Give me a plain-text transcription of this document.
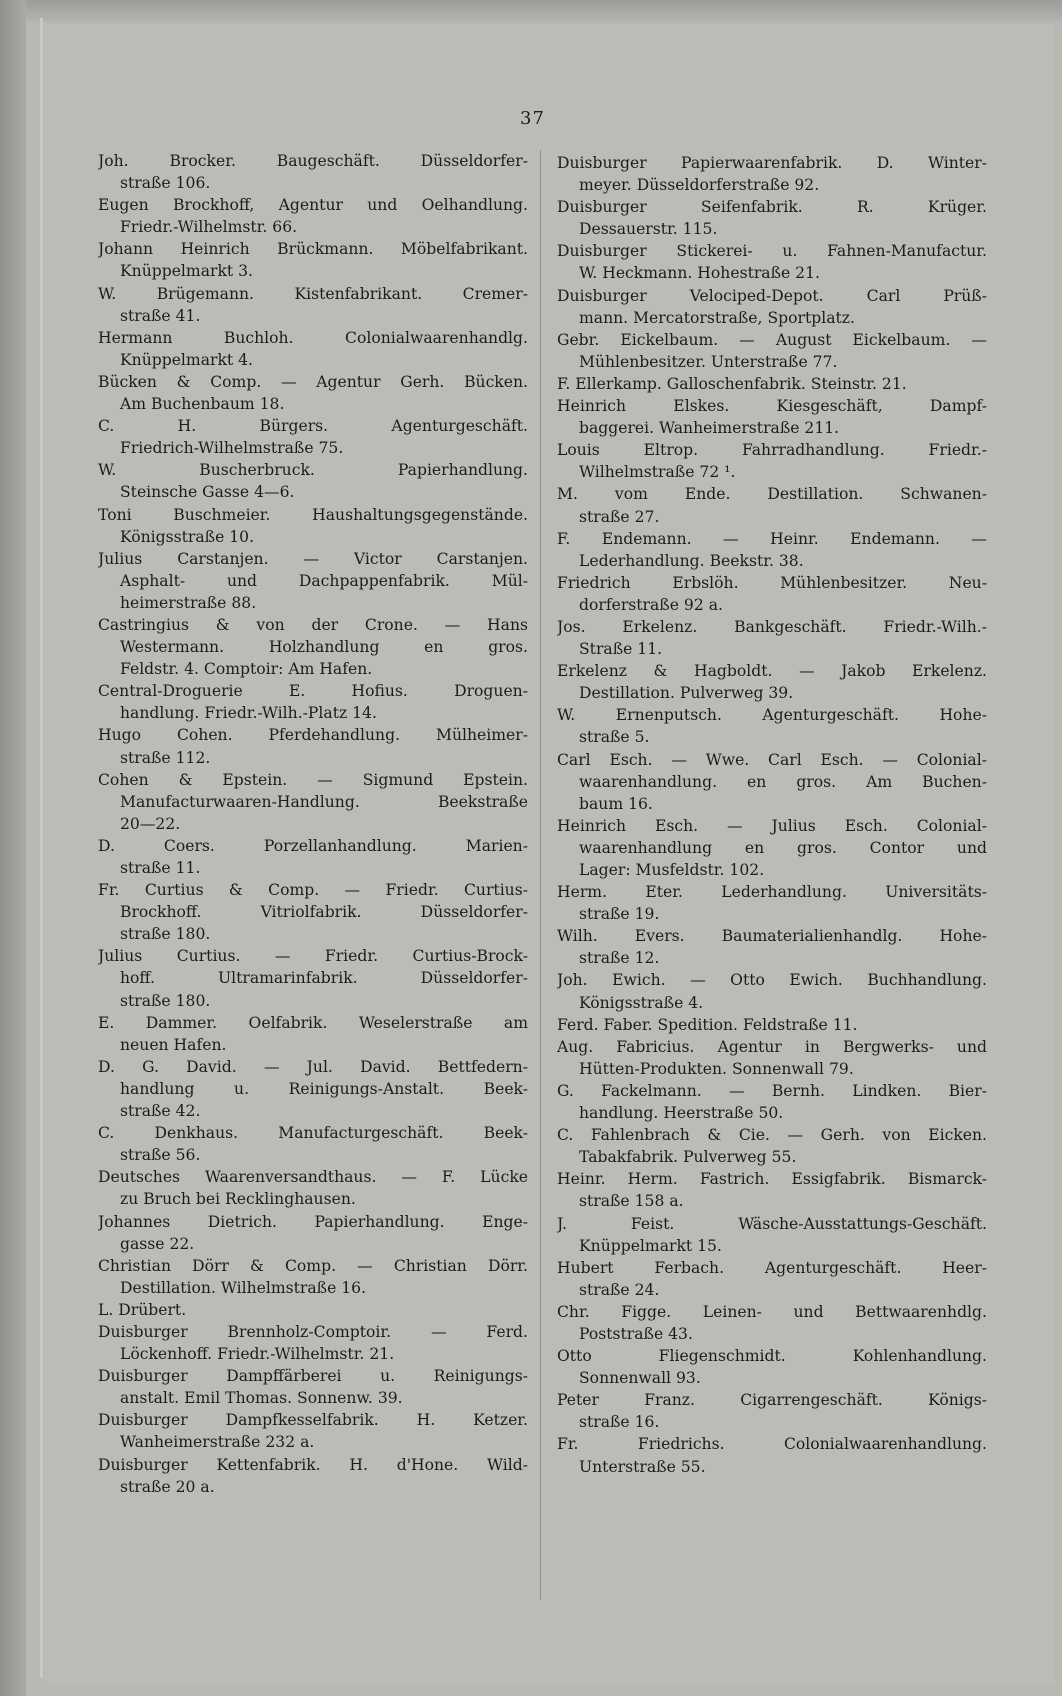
37
Joh. Brocker. Baugeschäft. Düsseldorfer-
straße 106.
Eugen Brockhoff, Agentur und Oelhandlung.
Friedr.-Wilhelmstr. 66.
Johann Heinrich Brückmann. Möbelfabrikant.
Knüppelmarkt 3.
W. Brügemann. Kistenfabrikant. Cremer-
straße 41.
Hermann Buchloh. Colonialwaarenhandlg.
Knüppelmarkt 4.
Bücken & Comp. — Agentur Gerh. Bücken.
Am Buchenbaum 18.
C. H. Bürgers. Agenturgeschäft.
Friedrich-Wilhelmstraße 75.
W. Buscherbruck. Papierhandlung.
Steinsche Gasse 4—6.
Toni Buschmeier. Haushaltungsgegenstände.
Königsstraße 10.
Julius Carstanjen. — Victor Carstanjen.
Asphalt- und Dachpappenfabrik. Mül-
heimerstraße 88.
Castringius & von der Crone. — Hans
Westermann. Holzhandlung en gros.
Feldstr. 4. Comptoir: Am Hafen.
Central-Droguerie E. Hofius. Droguen-
handlung. Friedr.-Wilh.-Platz 14.
Hugo Cohen. Pferdehandlung. Mülheimer-
straße 112.
Cohen & Epstein. — Sigmund Epstein.
Manufacturwaaren-Handlung. Beekstraße
20—22.
D. Coers. Porzellanhandlung. Marien-
straße 11.
Fr. Curtius & Comp. — Friedr. Curtius-
Brockhoff. Vitriolfabrik. Düsseldorfer-
straße 180.
Julius Curtius. — Friedr. Curtius-Brock-
hoff. Ultramarinfabrik. Düsseldorfer-
straße 180.
E. Dammer. Oelfabrik. Weselerstraße am
neuen Hafen.
D. G. David. — Jul. David. Bettfedern-
handlung u. Reinigungs-Anstalt. Beek-
straße 42.
C. Denkhaus. Manufacturgeschäft. Beek-
straße 56.
Deutsches Waarenversandthaus. — F. Lücke
zu Bruch bei Recklinghausen.
Johannes Dietrich. Papierhandlung. Enge-
gasse 22.
Christian Dörr & Comp. — Christian Dörr.
Destillation. Wilhelmstraße 16.
L. Drübert.
Duisburger Brennholz-Comptoir. — Ferd.
Löckenhoff. Friedr.-Wilhelmstr. 21.
Duisburger Dampffärberei u. Reinigungs-
anstalt. Emil Thomas. Sonnenw. 39.
Duisburger Dampfkesselfabrik. H. Ketzer.
Wanheimerstraße 232 a.
Duisburger Kettenfabrik. H. d'Hone. Wild-
straße 20 a.
Duisburger Papierwaarenfabrik. D. Winter-
meyer. Düsseldorferstraße 92.
Duisburger Seifenfabrik. R. Krüger.
Dessauerstr. 115.
Duisburger Stickerei- u. Fahnen-Manufactur.
W. Heckmann. Hohestraße 21.
Duisburger Velociped-Depot. Carl Prüß-
mann. Mercatorstraße, Sportplatz.
Gebr. Eickelbaum. — August Eickelbaum. —
Mühlenbesitzer. Unterstraße 77.
F. Ellerkamp. Galloschenfabrik. Steinstr. 21.
Heinrich Elskes. Kiesgeschäft, Dampf-
baggerei. Wanheimerstraße 211.
Louis Eltrop. Fahrradhandlung. Friedr.-
Wilhelmstraße 72 ¹.
M. vom Ende. Destillation. Schwanen-
straße 27.
F. Endemann. — Heinr. Endemann. —
Lederhandlung. Beekstr. 38.
Friedrich Erbslöh. Mühlenbesitzer. Neu-
dorferstraße 92 a.
Jos. Erkelenz. Bankgeschäft. Friedr.-Wilh.-
Straße 11.
Erkelenz & Hagboldt. — Jakob Erkelenz.
Destillation. Pulverweg 39.
W. Ernenputsch. Agenturgeschäft. Hohe-
straße 5.
Carl Esch. — Wwe. Carl Esch. — Colonial-
waarenhandlung. en gros. Am Buchen-
baum 16.
Heinrich Esch. — Julius Esch. Colonial-
waarenhandlung en gros. Contor und
Lager: Musfeldstr. 102.
Herm. Eter. Lederhandlung. Universitäts-
straße 19.
Wilh. Evers. Baumaterialienhandlg. Hohe-
straße 12.
Joh. Ewich. — Otto Ewich. Buchhandlung.
Königsstraße 4.
Ferd. Faber. Spedition. Feldstraße 11.
Aug. Fabricius. Agentur in Bergwerks- und
Hütten-Produkten. Sonnenwall 79.
G. Fackelmann. — Bernh. Lindken. Bier-
handlung. Heerstraße 50.
C. Fahlenbrach & Cie. — Gerh. von Eicken.
Tabakfabrik. Pulverweg 55.
Heinr. Herm. Fastrich. Essigfabrik. Bismarck-
straße 158 a.
J. Feist. Wäsche-Ausstattungs-Geschäft.
Knüppelmarkt 15.
Hubert Ferbach. Agenturgeschäft. Heer-
straße 24.
Chr. Figge. Leinen- und Bettwaarenhdlg.
Poststraße 43.
Otto Fliegenschmidt. Kohlenhandlung.
Sonnenwall 93.
Peter Franz. Cigarrengeschäft. Königs-
straße 16.
Fr. Friedrichs. Colonialwaarenhandlung.
Unterstraße 55.
